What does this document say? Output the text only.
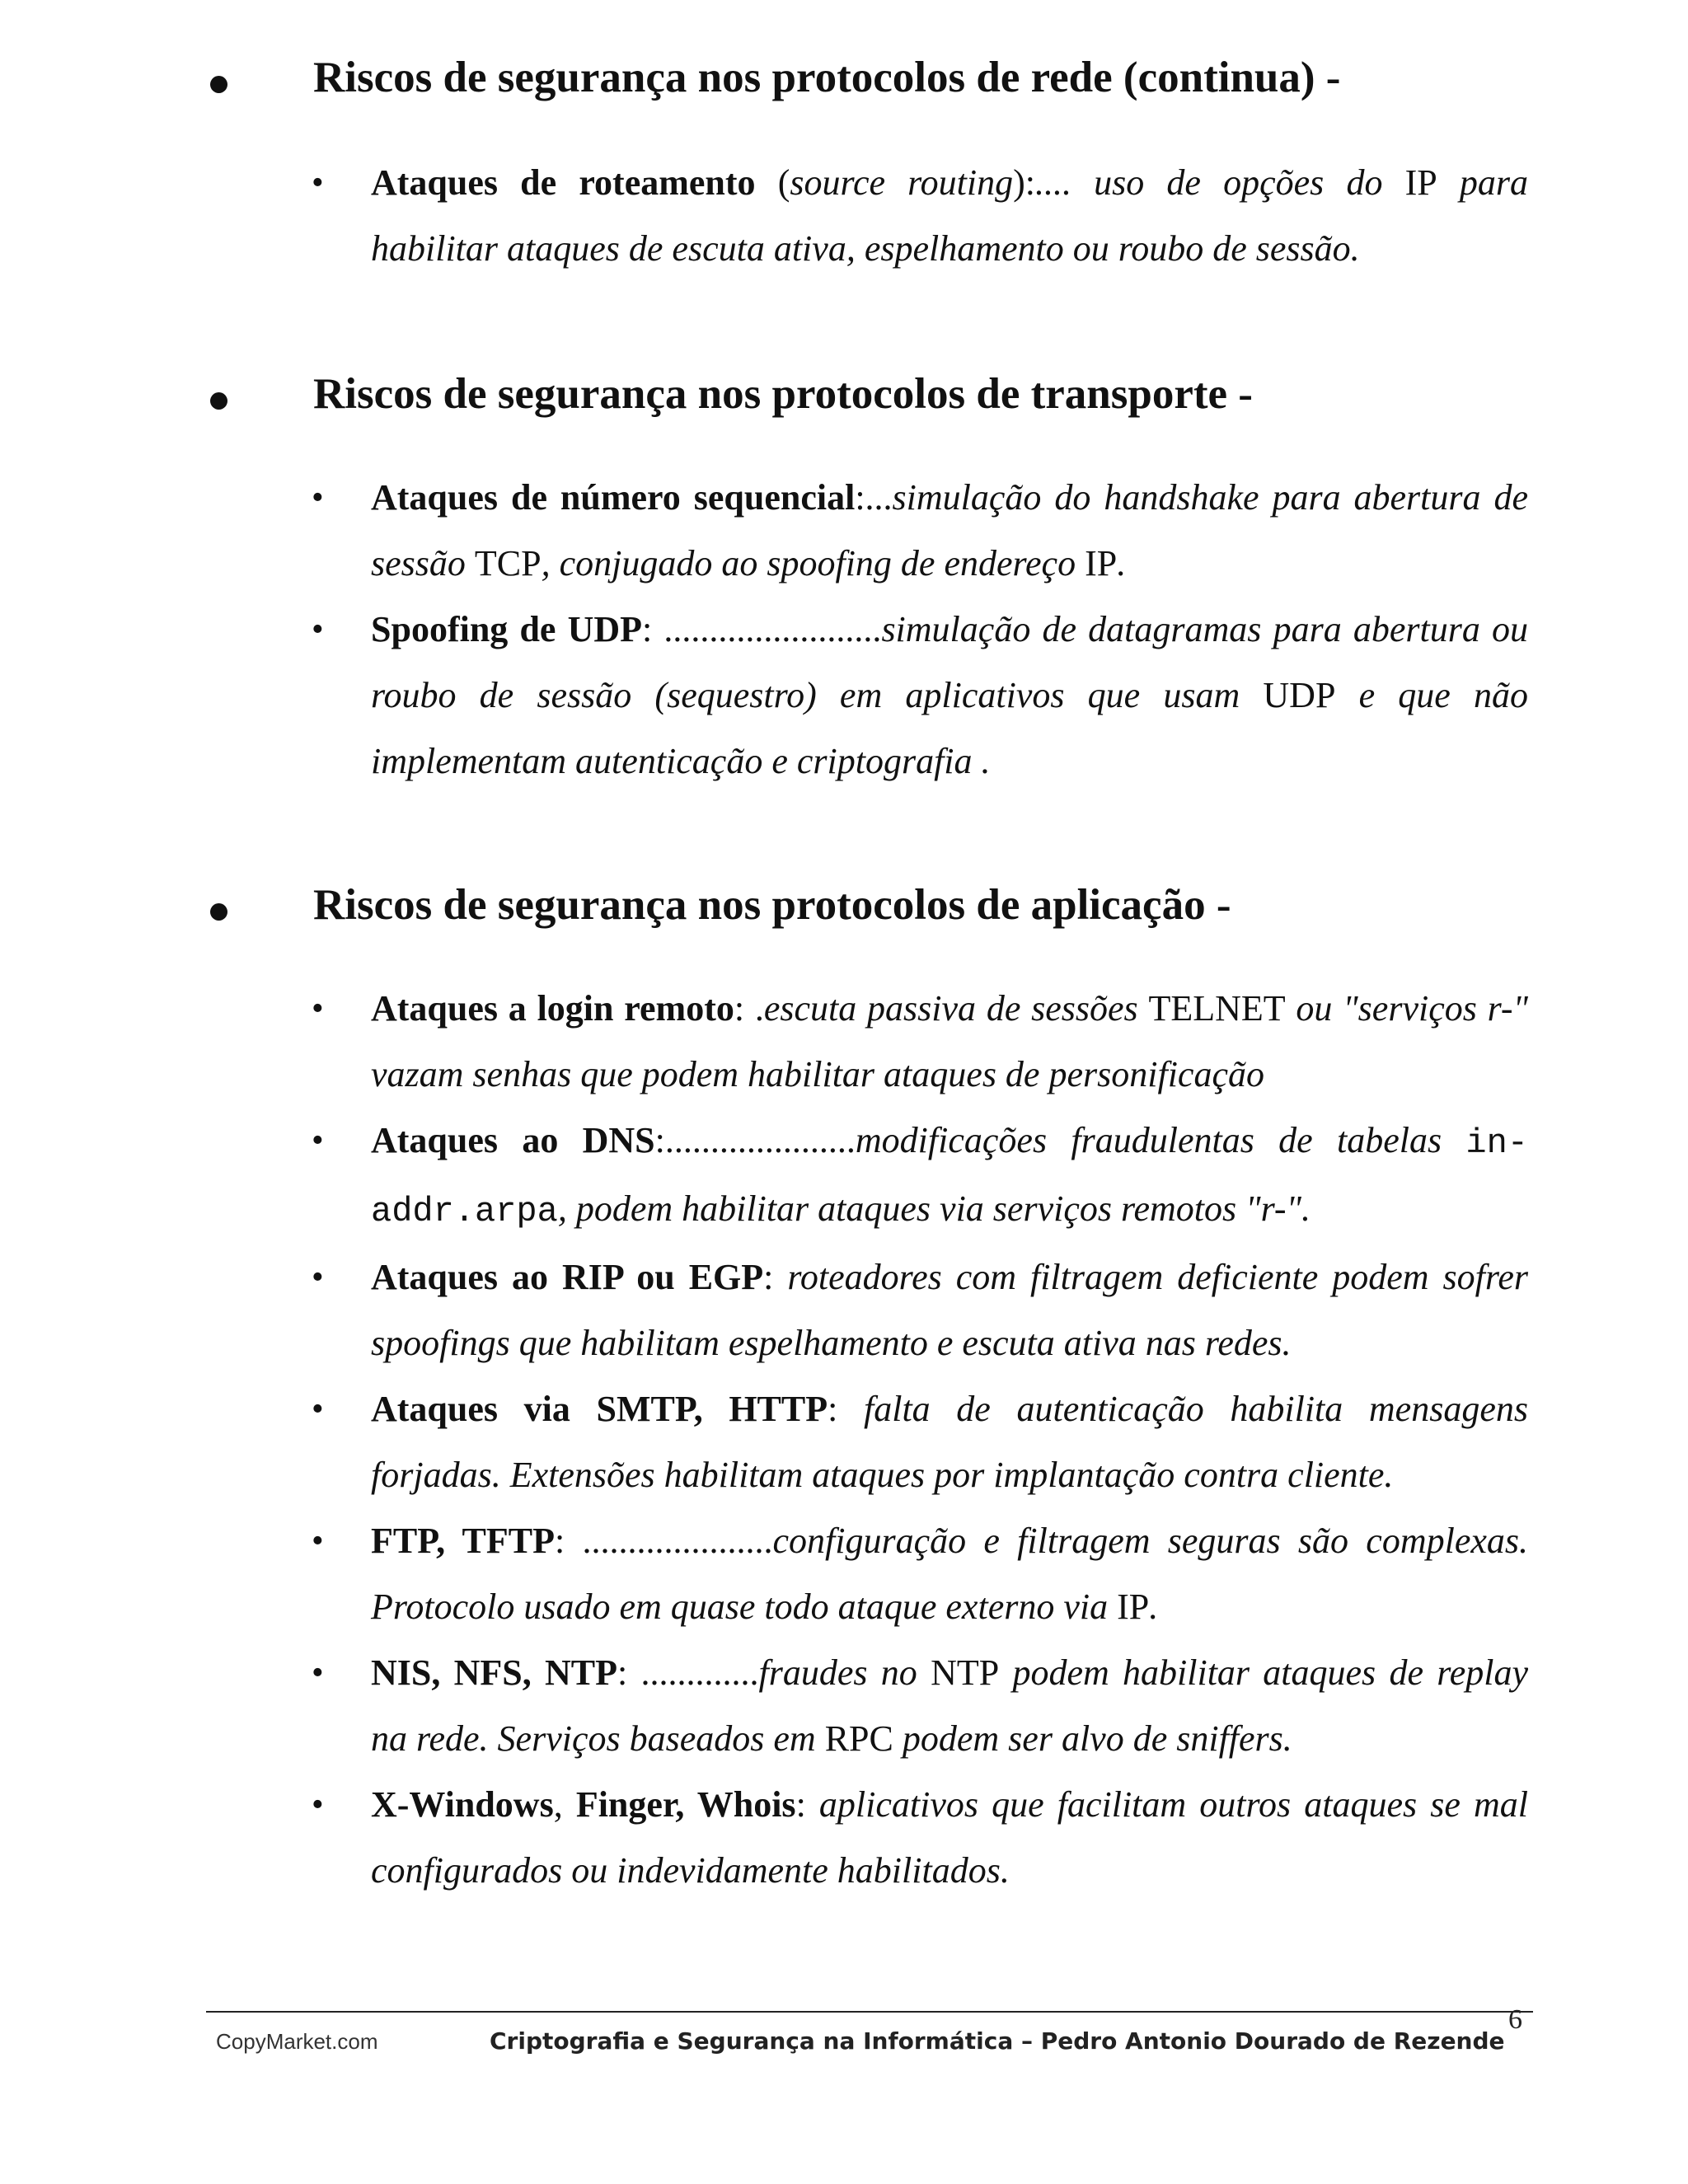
Riscos de segurança nos protocolos de rede (continua) -
• Ataques de roteamento (source routing):.... uso de opções do IP para habilitar ataques de escuta ativa, espelhamento ou roubo de sessão.
Riscos de segurança nos protocolos de transporte -
• Ataques de número sequencial:...simulação do handshake para abertura de sessão TCP, conjugado ao spoofing de endereço IP.
• Spoofing de UDP: ........................simulação de datagramas para abertura ou roubo de sessão (sequestro) em aplicativos que usam UDP e que não implementam autenticação e criptografia .
Riscos de segurança nos protocolos de aplicação -
• Ataques a login remoto: .escuta passiva de sessões TELNET ou "serviços r-" vazam senhas que podem habilitar ataques de personificação
• Ataques ao DNS:.....................modificações fraudulentas de tabelas in-addr.arpa, podem habilitar ataques via serviços remotos "r-".
• Ataques ao RIP ou EGP: roteadores com filtragem deficiente podem sofrer spoofings que habilitam espelhamento e escuta ativa nas redes.
• Ataques via SMTP, HTTP: falta de autenticação habilita mensagens forjadas. Extensões habilitam ataques por implantação contra cliente.
• FTP, TFTP: .....................configuração e filtragem seguras são complexas. Protocolo usado em quase todo ataque externo via IP.
• NIS, NFS, NTP: .............fraudes no NTP podem habilitar ataques de replay na rede. Serviços baseados em RPC podem ser alvo de sniffers.
• X-Windows, Finger, Whois: aplicativos que facilitam outros ataques se mal configurados ou indevidamente habilitados.
CopyMarket.com	Criptografia e Segurança na Informática – Pedro Antonio Dourado de Rezende
6
